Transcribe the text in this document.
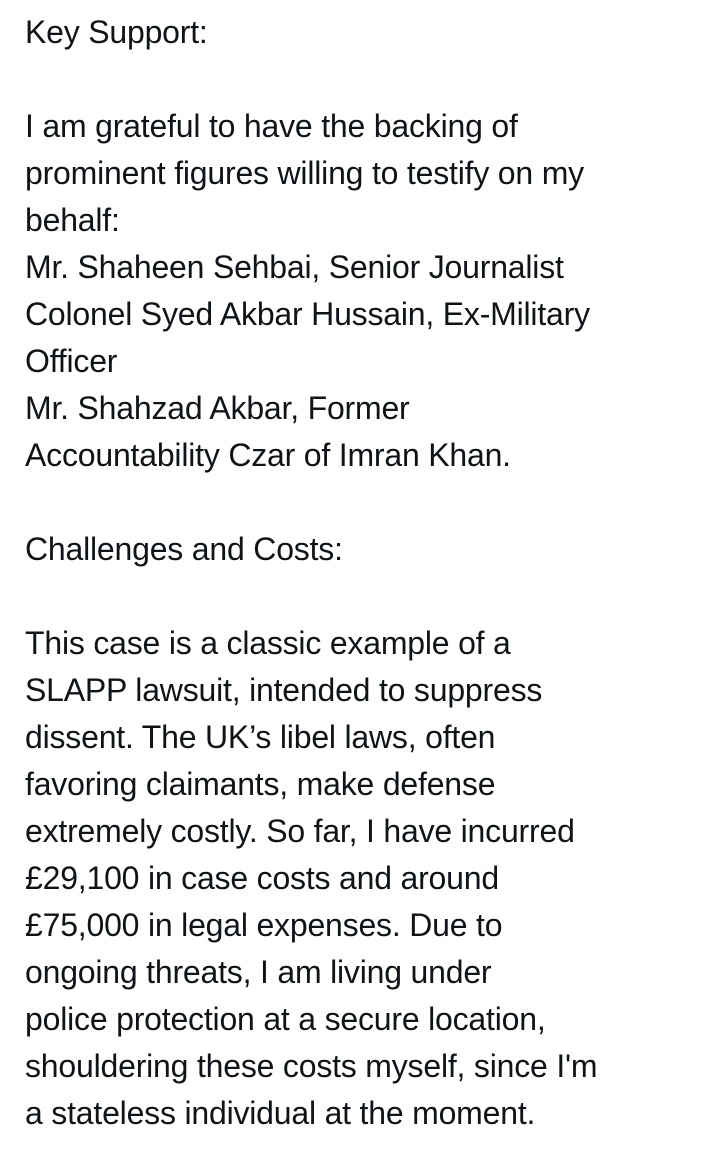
Key Support:
I am grateful to have the backing of
prominent figures willing to testify on my
behalf:
Mr. Shaheen Sehbai, Senior Journalist
Colonel Syed Akbar Hussain, Ex-Military
Officer
Mr. Shahzad Akbar, Former
Accountability Czar of Imran Khan.
Challenges and Costs:
This case is a classic example of a
SLAPP lawsuit, intended to suppress
dissent. The UK’s libel laws, often
favoring claimants, make defense
extremely costly. So far, I have incurred
£29,100 in case costs and around
£75,000 in legal expenses. Due to
ongoing threats, I am living under
police protection at a secure location,
shouldering these costs myself, since I'm
a stateless individual at the moment.
